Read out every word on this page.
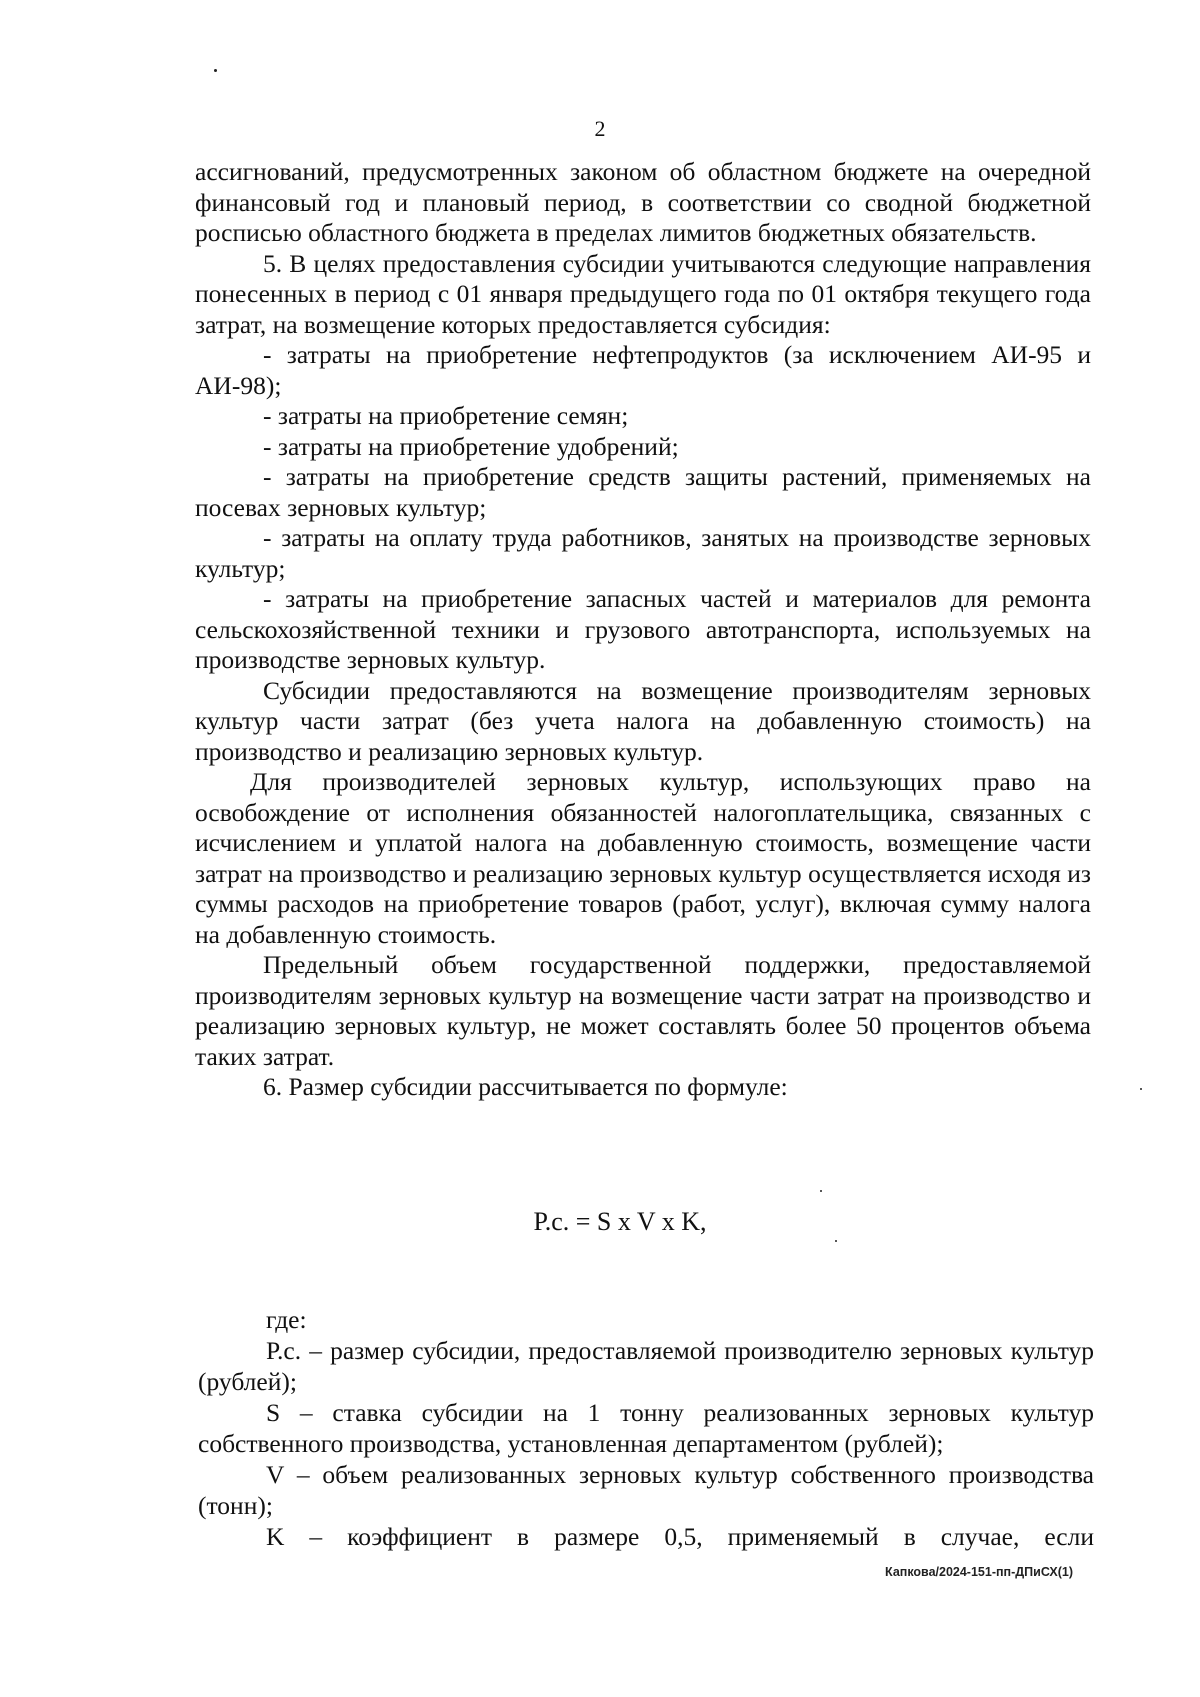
2

ассигнований, предусмотренных законом об областном бюджете на очередной финансовый год и плановый период, в соответствии со сводной бюджетной росписью областного бюджета в пределах лимитов бюджетных обязательств.

5. В целях предоставления субсидии учитываются следующие направления понесенных в период с 01 января предыдущего года по 01 октября текущего года затрат, на возмещение которых предоставляется субсидия:

- затраты на приобретение нефтепродуктов (за исключением АИ-95 и АИ-98);

- затраты на приобретение семян;

- затраты на приобретение удобрений;

- затраты на приобретение средств защиты растений, применяемых на посевах зерновых культур;

- затраты на оплату труда работников, занятых на производстве зерновых культур;

- затраты на приобретение запасных частей и материалов для ремонта сельскохозяйственной техники и грузового автотранспорта, используемых на производстве зерновых культур.

Субсидии предоставляются на возмещение производителям зерновых культур части затрат (без учета налога на добавленную стоимость) на производство и реализацию зерновых культур.

Для производителей зерновых культур, использующих право на освобождение от исполнения обязанностей налогоплательщика, связанных с исчислением и уплатой налога на добавленную стоимость, возмещение части затрат на производство и реализацию зерновых культур осуществляется исходя из суммы расходов на приобретение товаров (работ, услуг), включая сумму налога на добавленную стоимость.

Предельный объем государственной поддержки, предоставляемой производителям зерновых культур на возмещение части затрат на производство и реализацию зерновых культур, не может составлять более 50 процентов объема таких затрат.

6. Размер субсидии рассчитывается по формуле:

Р.с. = S x V x K,

где:

Р.с. – размер субсидии, предоставляемой производителю зерновых культур (рублей);

S – ставка субсидии на 1 тонну реализованных зерновых культур собственного производства, установленная департаментом (рублей);

V – объем реализованных зерновых культур собственного производства (тонн);

K – коэффициент в размере 0,5, применяемый в случае, если

Капкова/2024-151-пп-ДПиСХ(1)
